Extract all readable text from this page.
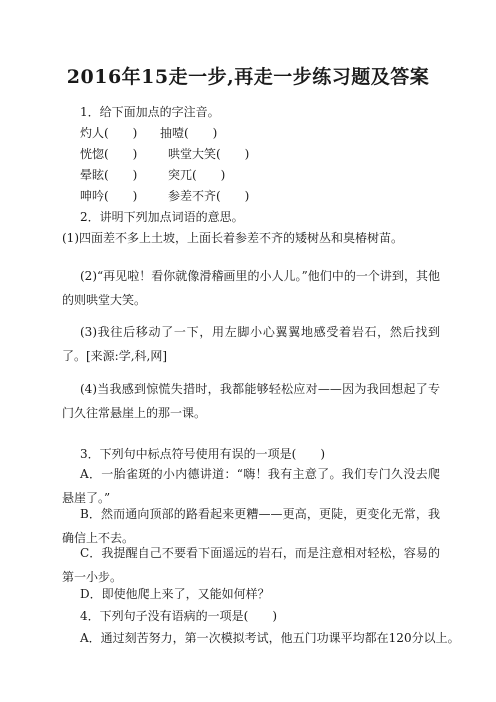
2016年15走一步,再走一步练习题及答案
1．给下面加点的字注音。
灼人(　　) 抽噎(　　)
恍惚(　　)	哄堂大笑(　　)
晕眩(　　)	突兀(　　)
呻吟(　　)	参差不齐(　　)
2．讲明下列加点词语的意思。
(1)四面差不多上土坡，上面长着参差不齐的矮树丛和臭椿树苗。
(2)“再见啦！看你就像滑稽画里的小人儿。”他们中的一个讲到，其他的则哄堂大笑。
(3)我往后移动了一下，用左脚小心翼翼地感受着岩石，然后找到了。[来源:学,科,网]
(4)当我感到惊慌失措时，我都能够轻松应对——因为我回想起了专门久往常悬崖上的那一课。
3．下列句中标点符号使用有误的一项是(　　)
A．一胎雀斑的小内德讲道：“嗨！我有主意了。我们专门久没去爬悬崖了。”
B．然而通向顶部的路看起来更糟——更高，更陡，更变化无常，我确信上不去。
C．我提醒自己不要看下面遥远的岩石，而是注意相对轻松，容易的第一小步。
D．即使他爬上来了，又能如何样？
4．下列句子没有语病的一项是(　　)
A．通过刻苦努力，第一次模拟考试，他五门功课平均都在120分以上。
